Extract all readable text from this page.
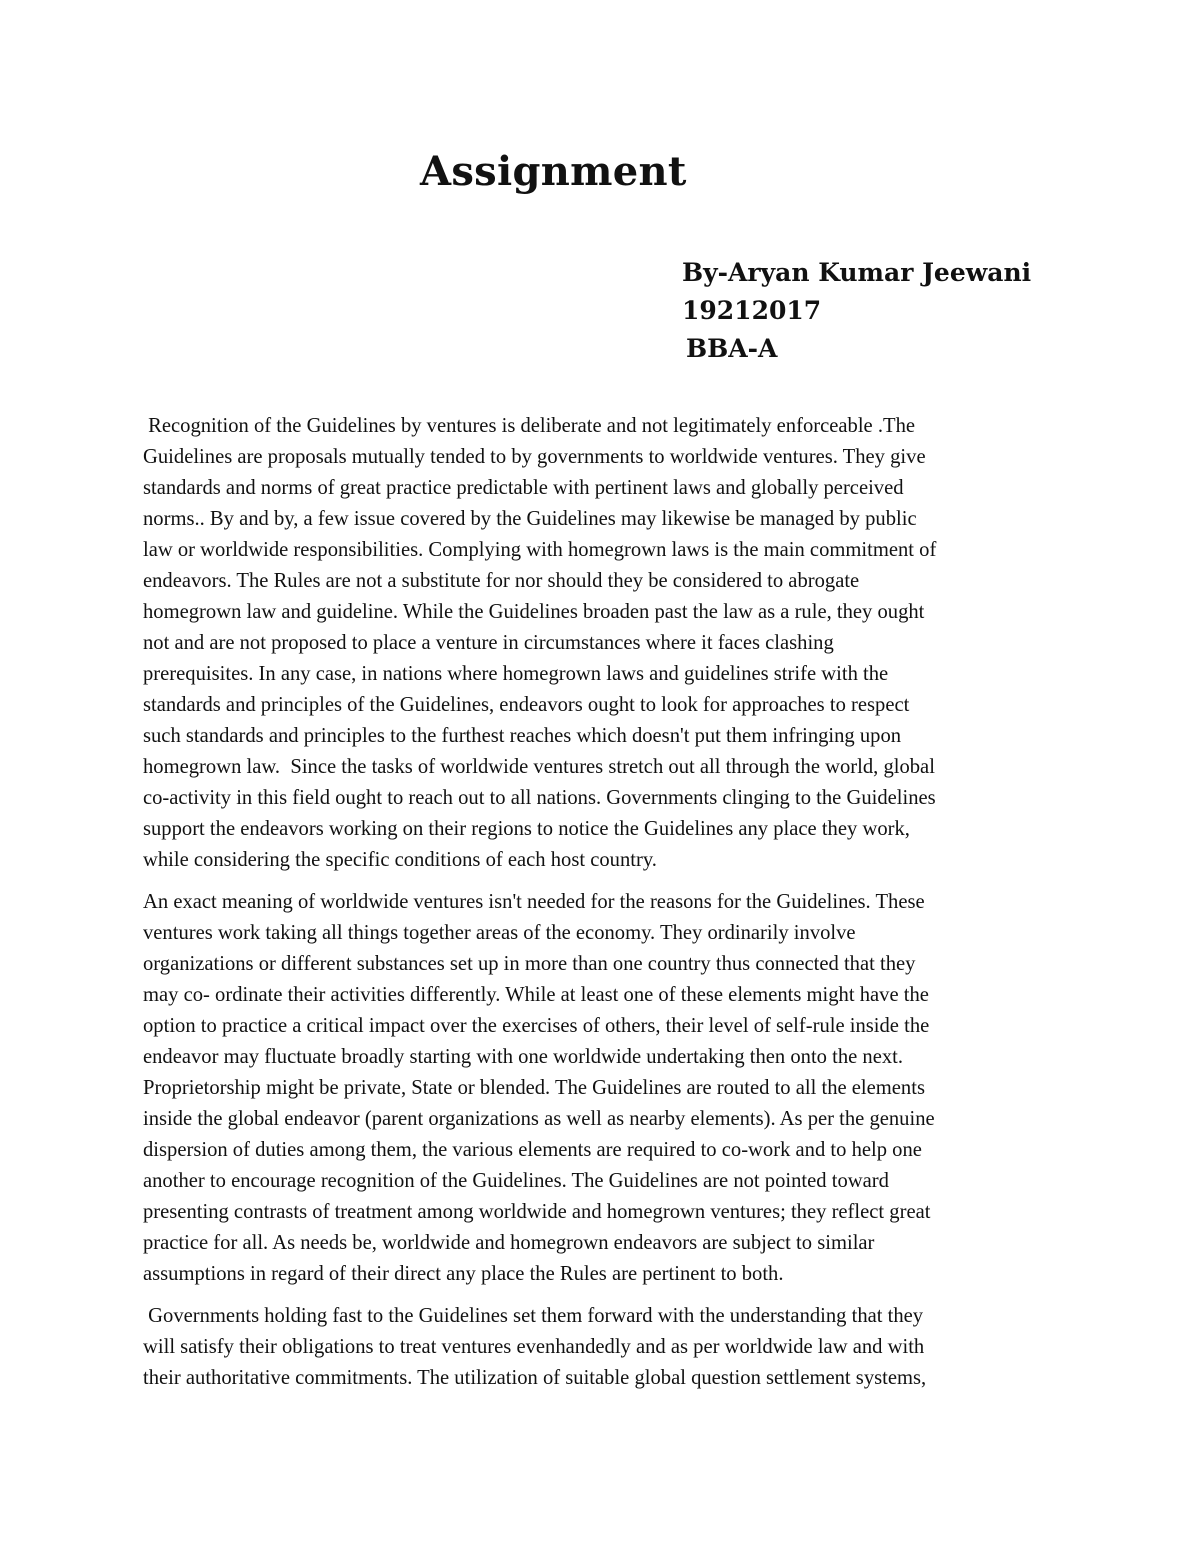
Assignment
By-Aryan Kumar Jeewani
19212017
BBA-A

Recognition of the Guidelines by ventures is deliberate and not legitimately enforceable .The
Guidelines are proposals mutually tended to by governments to worldwide ventures. They give
standards and norms of great practice predictable with pertinent laws and globally perceived
norms.. By and by, a few issue covered by the Guidelines may likewise be managed by public
law or worldwide responsibilities. Complying with homegrown laws is the main commitment of
endeavors. The Rules are not a substitute for nor should they be considered to abrogate
homegrown law and guideline. While the Guidelines broaden past the law as a rule, they ought
not and are not proposed to place a venture in circumstances where it faces clashing
prerequisites. In any case, in nations where homegrown laws and guidelines strife with the
standards and principles of the Guidelines, endeavors ought to look for approaches to respect
such standards and principles to the furthest reaches which doesn't put them infringing upon
homegrown law.  Since the tasks of worldwide ventures stretch out all through the world, global
co-activity in this field ought to reach out to all nations. Governments clinging to the Guidelines
support the endeavors working on their regions to notice the Guidelines any place they work,
while considering the specific conditions of each host country.

An exact meaning of worldwide ventures isn't needed for the reasons for the Guidelines. These
ventures work taking all things together areas of the economy. They ordinarily involve
organizations or different substances set up in more than one country thus connected that they
may co- ordinate their activities differently. While at least one of these elements might have the
option to practice a critical impact over the exercises of others, their level of self-rule inside the
endeavor may fluctuate broadly starting with one worldwide undertaking then onto the next.
Proprietorship might be private, State or blended. The Guidelines are routed to all the elements
inside the global endeavor (parent organizations as well as nearby elements). As per the genuine
dispersion of duties among them, the various elements are required to co-work and to help one
another to encourage recognition of the Guidelines. The Guidelines are not pointed toward
presenting contrasts of treatment among worldwide and homegrown ventures; they reflect great
practice for all. As needs be, worldwide and homegrown endeavors are subject to similar
assumptions in regard of their direct any place the Rules are pertinent to both.

Governments holding fast to the Guidelines set them forward with the understanding that they
will satisfy their obligations to treat ventures evenhandedly and as per worldwide law and with
their authoritative commitments. The utilization of suitable global question settlement systems,
